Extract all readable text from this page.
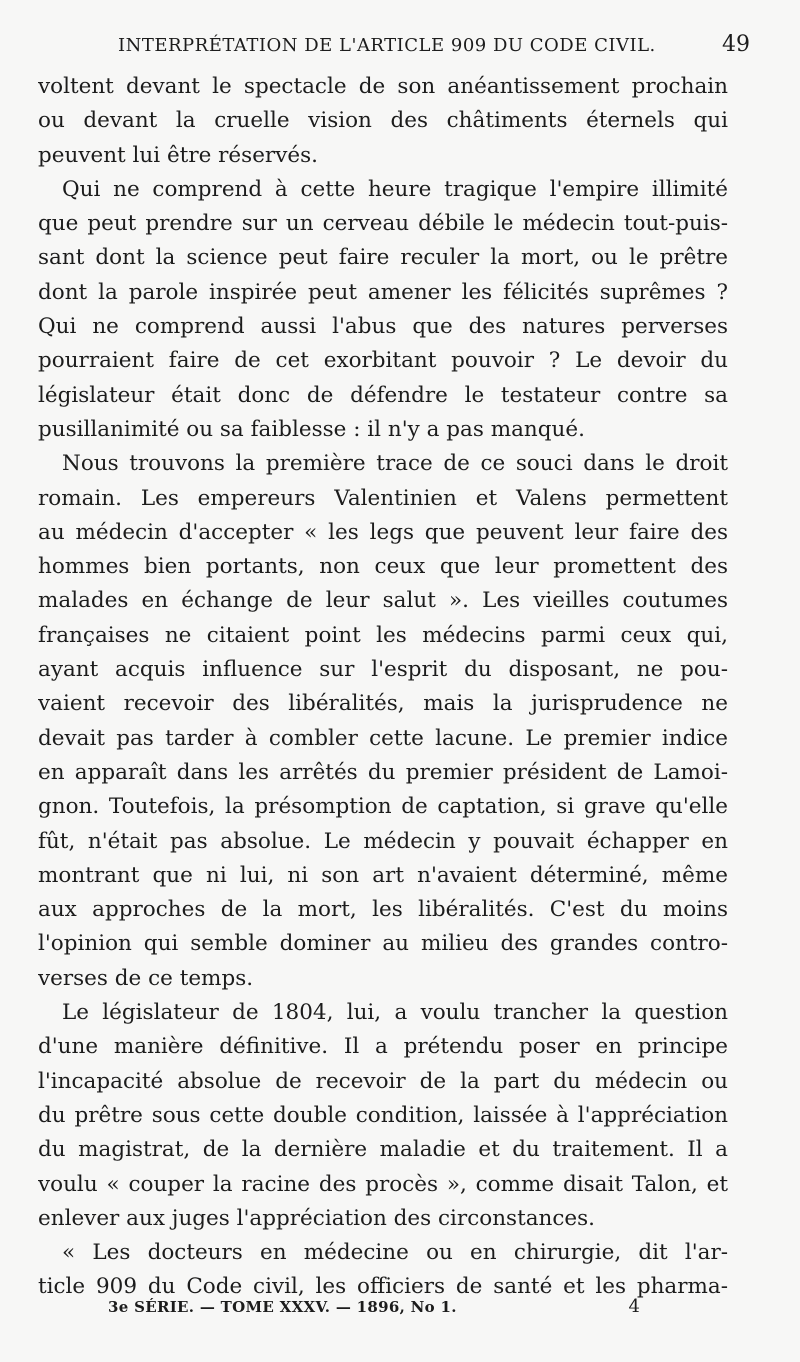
INTERPRÉTATION DE L'ARTICLE 909 DU CODE CIVIL.	49
voltent devant le spectacle de son anéantissement prochain
ou devant la cruelle vision des châtiments éternels qui
peuvent lui être réservés.
Qui ne comprend à cette heure tragique l'empire illimité
que peut prendre sur un cerveau débile le médecin tout-puis-
sant dont la science peut faire reculer la mort, ou le prêtre
dont la parole inspirée peut amener les félicités suprêmes ?
Qui ne comprend aussi l'abus que des natures perverses
pourraient faire de cet exorbitant pouvoir ? Le devoir du
législateur était donc de défendre le testateur contre sa
pusillanimité ou sa faiblesse : il n'y a pas manqué.
Nous trouvons la première trace de ce souci dans le droit
romain. Les empereurs Valentinien et Valens permettent
au médecin d'accepter « les legs que peuvent leur faire des
hommes bien portants, non ceux que leur promettent des
malades en échange de leur salut ». Les vieilles coutumes
françaises ne citaient point les médecins parmi ceux qui,
ayant acquis influence sur l'esprit du disposant, ne pou-
vaient recevoir des libéralités, mais la jurisprudence ne
devait pas tarder à combler cette lacune. Le premier indice
en apparaît dans les arrêtés du premier président de Lamoi-
gnon. Toutefois, la présomption de captation, si grave qu'elle
fût, n'était pas absolue. Le médecin y pouvait échapper en
montrant que ni lui, ni son art n'avaient déterminé, même
aux approches de la mort, les libéralités. C'est du moins
l'opinion qui semble dominer au milieu des grandes contro-
verses de ce temps.
Le législateur de 1804, lui, a voulu trancher la question
d'une manière définitive. Il a prétendu poser en principe
l'incapacité absolue de recevoir de la part du médecin ou
du prêtre sous cette double condition, laissée à l'appréciation
du magistrat, de la dernière maladie et du traitement. Il a
voulu « couper la racine des procès », comme disait Talon, et
enlever aux juges l'appréciation des circonstances.
« Les docteurs en médecine ou en chirurgie, dit l'ar-
ticle 909 du Code civil, les officiers de santé et les pharma-
3e SÉRIE. — TOME XXXV. — 1896, No 1.	4
